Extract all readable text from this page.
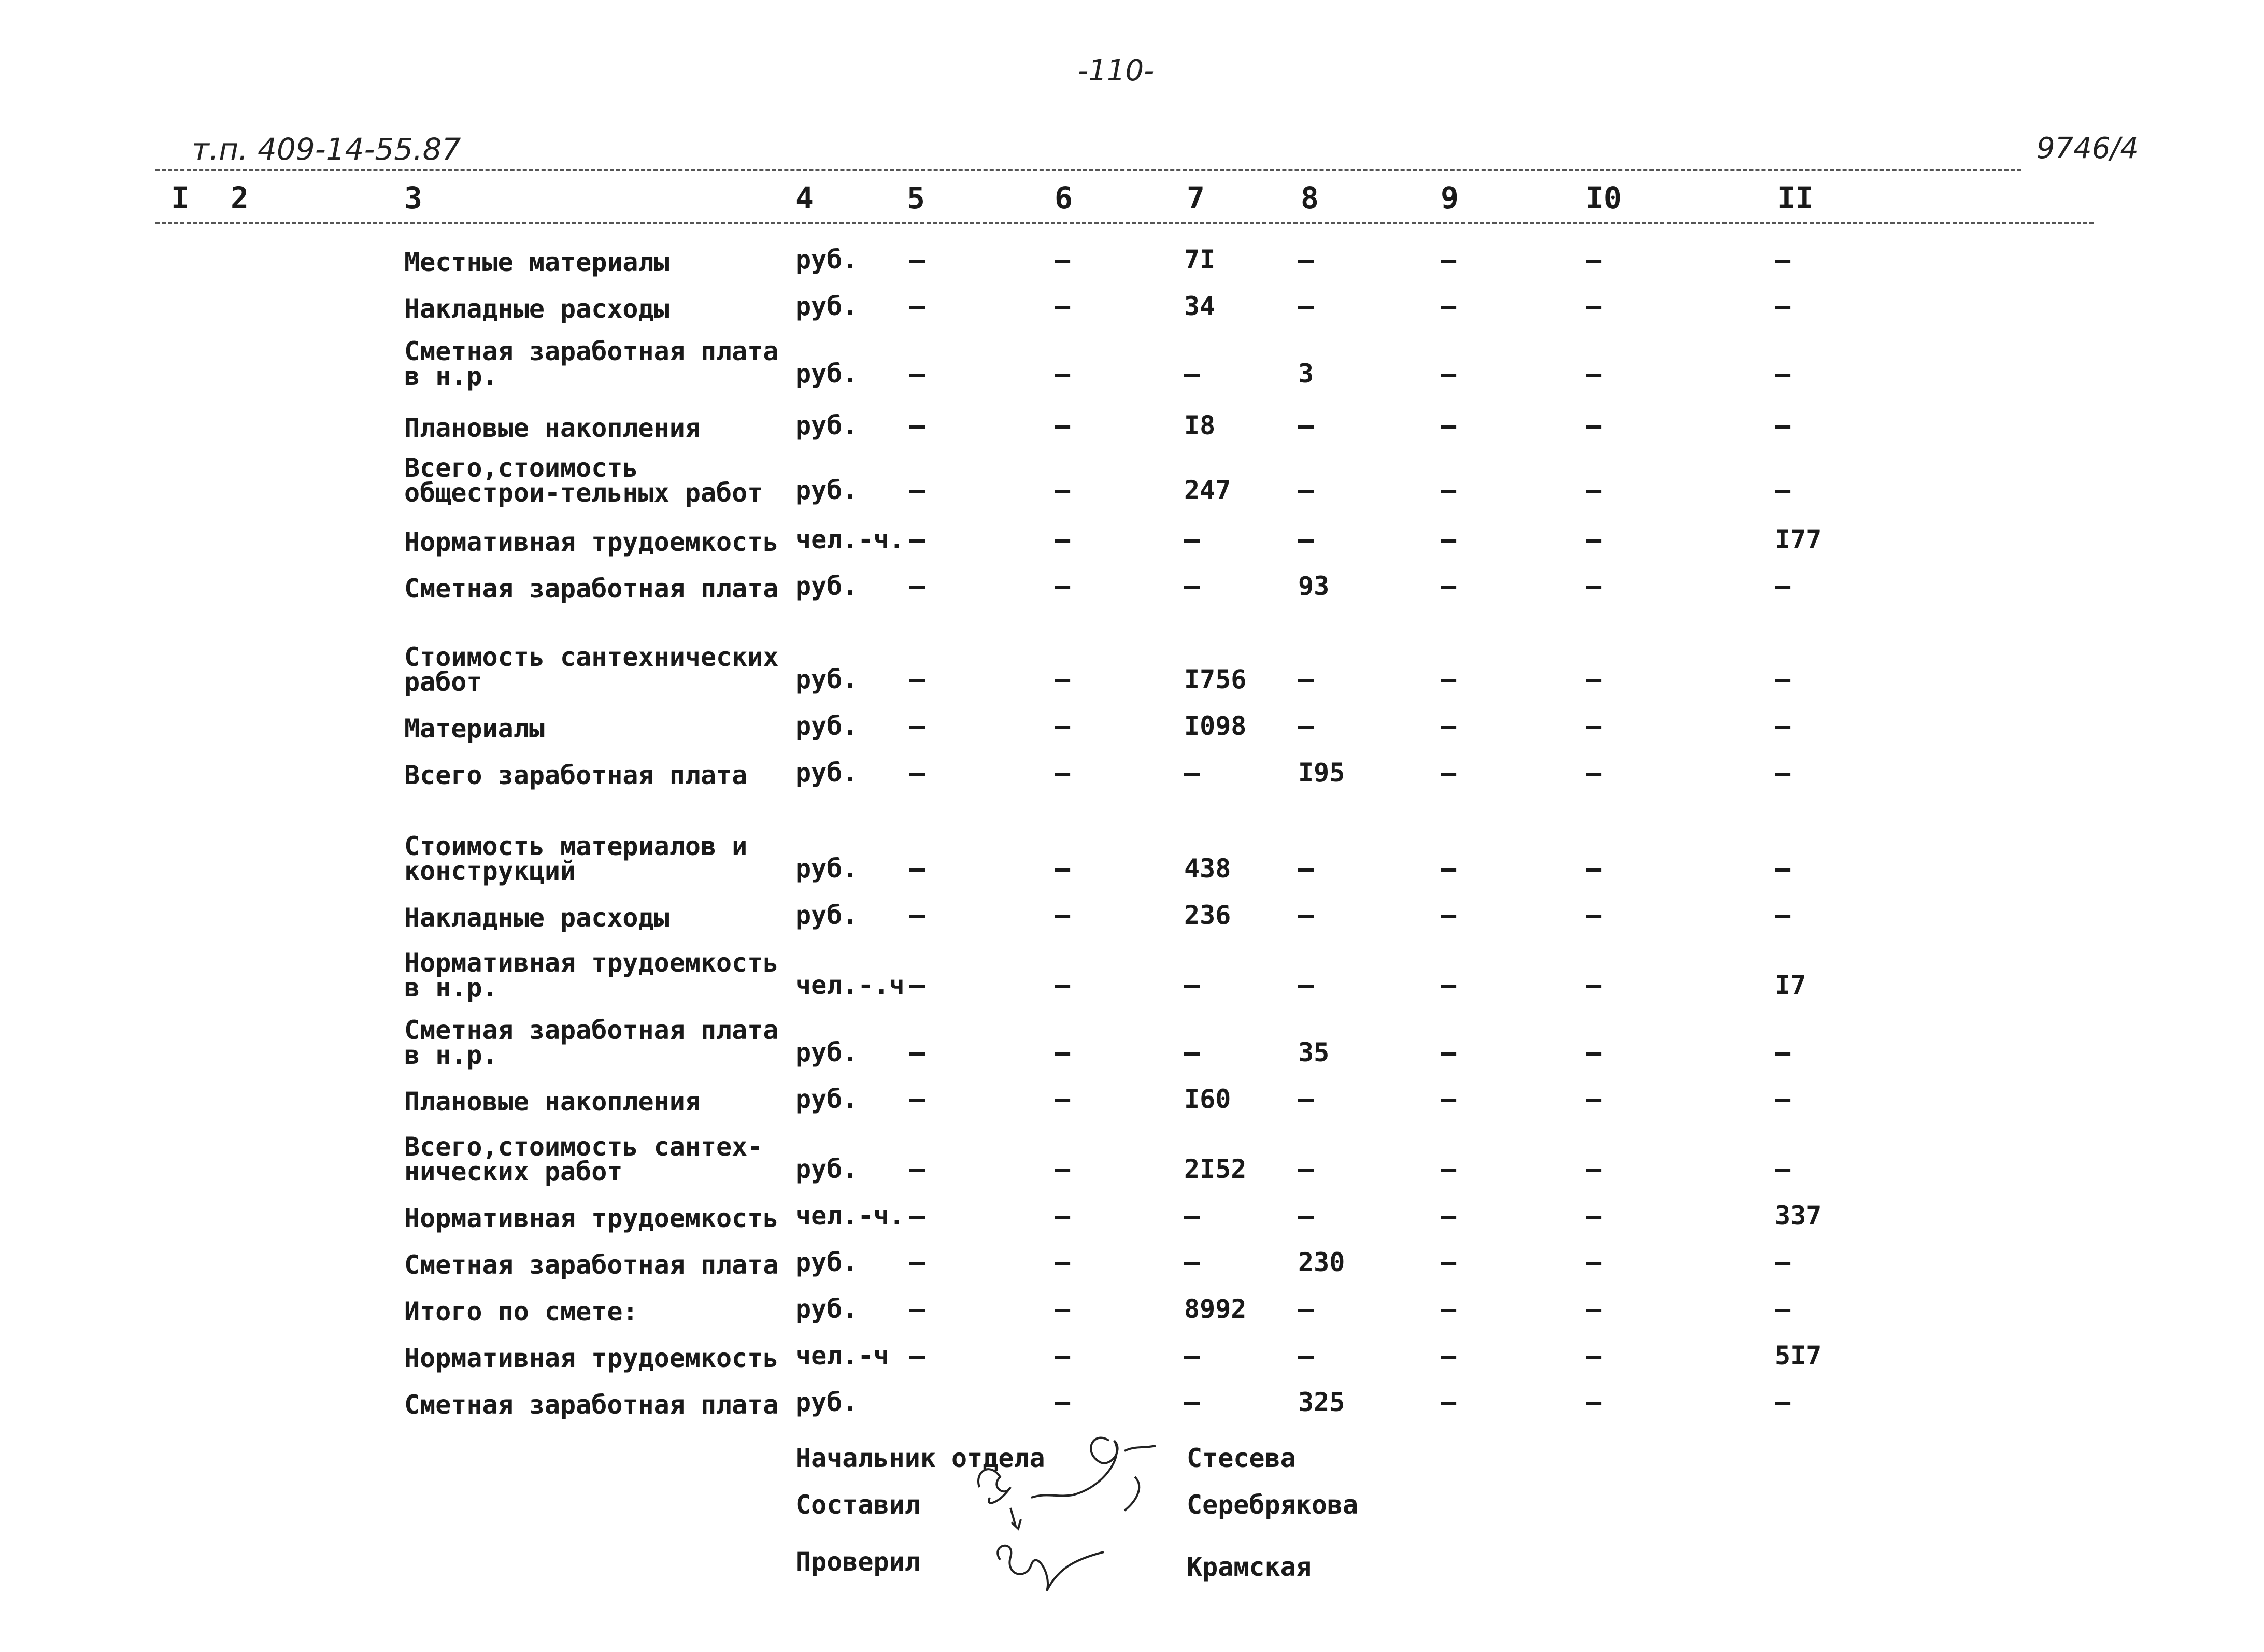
-110-
т.п. 409-14-55.87	9746/4
I 2	3	4	5	6	7	8	9	I0	II
Местные материалы	руб. –	–	7I	–	–	–	–
Накладные расходы	руб. –	–	34	–	–	–	–
Сметная заработная плата в н.р.	руб. –	–	–	3	–	–	–
Плановые накопления	руб. –	–	I8	–	–	–	–
Всего,стоимость общестрои-тельных работ	руб. –	–	247	–	–	–	–
Нормативная трудоемкость чел.-ч. –	–	–	–	–	–	I77
Сметная заработная плата руб. –	–	–	93	–	–	–
Стоимость сантехнических работ	руб. –	–	I756 –	–	–	–
Материалы	руб. –	–	I098 –	–	–	–
Всего заработная плата	руб. –	–	–	I95	–	–	–
Стоимость материалов и конструкций	руб. –	–	438	–	–	–	–
Накладные расходы	руб. –	–	236	–	–	–	–
Нормативная трудоемкость в н.р.	чел.-.ч –	–	–	–	–	–	I7
Сметная заработная плата в н.р.	руб. –	–	–	35	–	–	–
Плановые накопления	руб. –	–	I60	–	–	–	–
Всего,стоимость сантех-нических работ	руб. –	–	2I52 –	–	–	–
Нормативная трудоемкость чел.-ч. –	–	–	–	–	–	337
Сметная заработная плата руб. –	–	–	230	–	–	–
Итого по смете:	руб. –	–	8992 –	–	–	–
Нормативная трудоемкость чел.-ч –	–	–	–	–	–	5I7
Сметная заработная плата руб.	–	–	325	–	–	–
Начальник отдела	Стесева
Составил	Серебрякова
Проверил	Крамская
